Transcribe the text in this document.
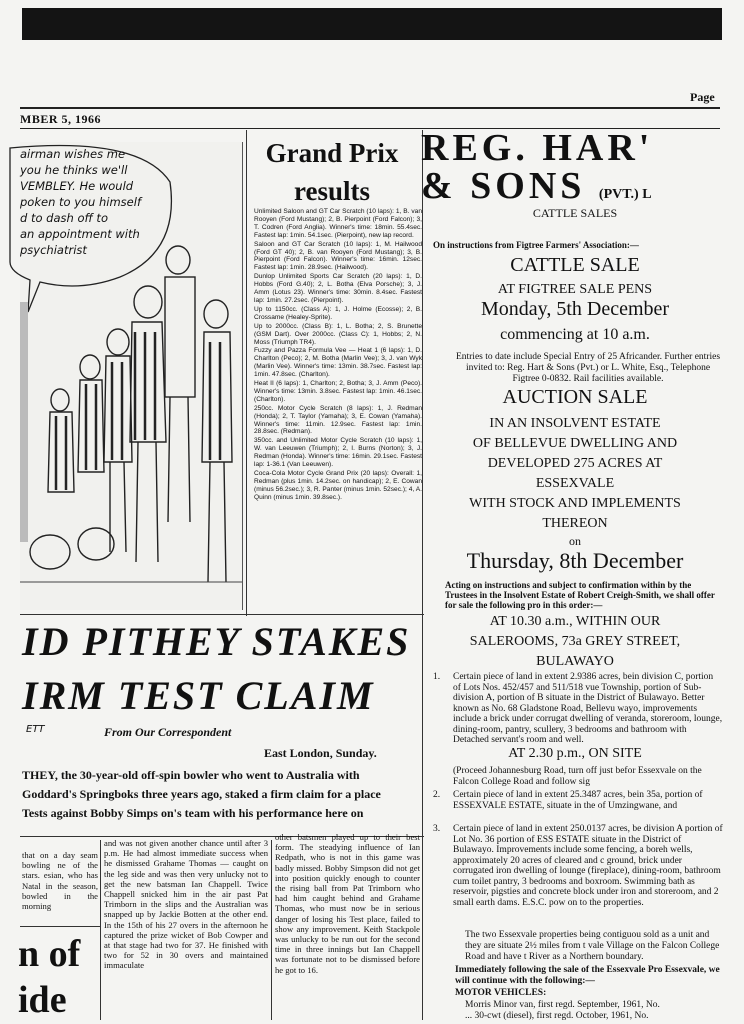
Page
MBER 5, 1966
airman wishes me
you he thinks we'll
VEMBLEY. He would
poken to you himself
d to dash off to
an appointment with
psychiatrist
ETT
Grand Prix
results

Unlimited Saloon and GT Car Scratch (10 laps): 1, B. van Rooyen (Ford Mustang); 2, B. Pierpoint (Ford Falcon); 3, T. Codren (Ford Anglia). Winner's time: 18min. 55.4sec. Fastest lap: 1min. 54.1sec. (Pierpoint), new lap record.

Saloon and GT Car Scratch (10 laps): 1, M. Hailwood (Ford GT 40); 2, B. van Rooyen (Ford Mustang); 3, B. Pierpoint (Ford Falcon). Winner's time: 16min. 12sec. Fastest lap: 1min. 28.9sec. (Hailwood).

Dunlop Unlimited Sports Car Scratch (20 laps): 1, D. Hobbs (Ford G.40); 2, L. Botha (Elva Porsche); 3, J. Amm (Lotus 23). Winner's time: 30min. 8.4sec. Fastest lap: 1min. 27.2sec. (Pierpoint).

Up to 1150cc. (Class A): 1, J. Holme (Ecosse); 2, B. Crossame (Healey-Sprite).

Up to 2000cc. (Class B): 1, L. Botha; 2, S. Brunette (GSM Dart). Over 2000cc. (Class C): 1, Hobbs; 2, N. Moss (Triumph TR4).

Fuzzy and Pazza Formula Vee — Heat 1 (6 laps): 1, D. Charlton (Peco); 2, M. Botha (Marlin Vee); 3, J. van Wyk (Marlin Vee). Winner's time: 13min. 38.7sec. Fastest lap: 1min. 47.8sec. (Charlton).

Heat II (6 laps): 1, Charlton; 2, Botha; 3, J. Amm (Peco). Winner's time: 13min. 3.8sec. Fastest lap: 1min. 46.1sec. (Charlton).

250cc. Motor Cycle Scratch (8 laps): 1, J. Redman (Honda); 2, T. Taylor (Yamaha); 3, E. Cowan (Yamaha). Winner's time: 11min. 12.9sec. Fastest lap: 1min. 28.8sec. (Redman).

350cc. and Unlimited Motor Cycle Scratch (10 laps): 1, W. van Leeuwen (Triumph); 2, I. Burns (Norton); 3, J. Redman (Honda). Winner's time: 16min. 29.1sec. Fastest lap: 1-36.1 (Van Leeuwen).

Coca-Cola Motor Cycle Grand Prix (20 laps): Overall: 1, Redman (plus 1min. 14.2sec. on handicap); 2, E. Cowan (minus 56.2sec.); 3, R. Panter (minus 1min. 52sec.); 4, A. Quinn (minus 1min. 39.8sec.).

REG. HAR'
& SONS (PVT.) L
CATTLE SALES
On instructions from Figtree Farmers' Association:—
CATTLE SALE
AT FIGTREE SALE PENS
Monday, 5th December
commencing at 10 a.m.
Entries to date include Special Entry of 25 Africander. Further entries invited to: Reg. Hart & Sons (Pvt.) or L. White, Esq., Telephone Figtree 0-0832. Rail facilities available.
AUCTION SALE
IN AN INSOLVENT ESTATE
OF BELLEVUE DWELLING AND
DEVELOPED 275 ACRES AT
ESSEXVALE
WITH STOCK AND IMPLEMENTS
THEREON
on
Thursday, 8th December
Acting on instructions and subject to confirmation within by the Trustees in the Insolvent Estate of Robert Creigh-Smith, we shall offer for sale the following pro in this order:—
AT 10.30 a.m., WITHIN OUR
SALEROOMS, 73a GREY STREET,
BULAWAYO
1. Certain piece of land in extent 2.9386 acres, bein division C, portion of Lots Nos. 452/457 and 511/518 vue Township, portion of Sub-division A, portion of B situate in the District of Bulawayo. Better known as No. 68 Gladstone Road, Bellevu wayo, improvements include a brick under corrugat dwelling of veranda, storeroom, lounge, dining-room, pantry, scullery, 3 bedrooms and bathroom with Detached servant's room and well.
AT 2.30 p.m., ON SITE
(Proceed Johannesburg Road, turn off just befor Essexvale on the Falcon College Road and follow sig
2. Certain piece of land in extent 25.3487 acres, bein 35a, portion of ESSEXVALE ESTATE, situate in the of Umzingwane, and
3. Certain piece of land in extent 250.0137 acres, be division A portion of Lot No. 36 portion of ESS ESTATE situate in the District of Bulawayo. Improvements include some fencing, a boreh wells, approximately 20 acres of cleared and c ground, brick under corrugated iron dwelling of lounge (fireplace), dining-room, bathroom cum toilet pantry, 3 bedrooms and boxroom. Swimming bath as reservoir, pigsties and concrete block under iron and storeroom, and 2 small earth dams. E.S.C. pow on to the properties.
The two Essexvale properties being contiguou sold as a unit and they are situate 2½ miles from t vale Village on the Falcon College Road and have t River as a Northern boundary.
Immediately following the sale of the Essexvale Pro Essexvale, we will continue with the following:—
MOTOR VEHICLES:
Morris Minor van, first regd. September, 1961, No.
... 30-cwt (diesel), first regd. October, 1961, No.
ID PITHEY STAKES
IRM TEST CLAIM
From Our Correspondent
East London, Sunday.
THEY, the 30-year-old off-spin bowler who went to Australia with
Goddard's Springboks three years ago, staked a firm claim for a place
Tests against Bobby Simps on's team with his performance here on

that on a day seam bowling ne of the stars. esian, who has Natal in the season, bowled in the morning

and was not given another chance until after 3 p.m. He had almost immediate success when he dismissed Grahame Thomas — caught on the leg side and was then very unlucky not to get the new batsman Ian Chappell. Twice Chappell snicked him in the air past Pat Trimborn in the slips and the Australian was snapped up by Jackie Botten at the other end. In the 15th of his 27 overs in the afternoon he captured the prize wicket of Bob Cowper and at that stage had two for 37. He finished with two for 52 in 30 overs and maintained immaculate

other batsmen played up to their best form. The steadying influence of Ian Redpath, who is not in this game was badly missed. Bobby Simpson did not get into position quickly enough to counter the rising ball from Pat Trimborn who had him caught behind and Grahame Thomas, who must now be in serious danger of losing his Test place, failed to show any improvement. Keith Stackpole was unlucky to be run out for the second time in three innings but Ian Chappell was fortunate not to be dismissed before he got to 16.

n of
ide
